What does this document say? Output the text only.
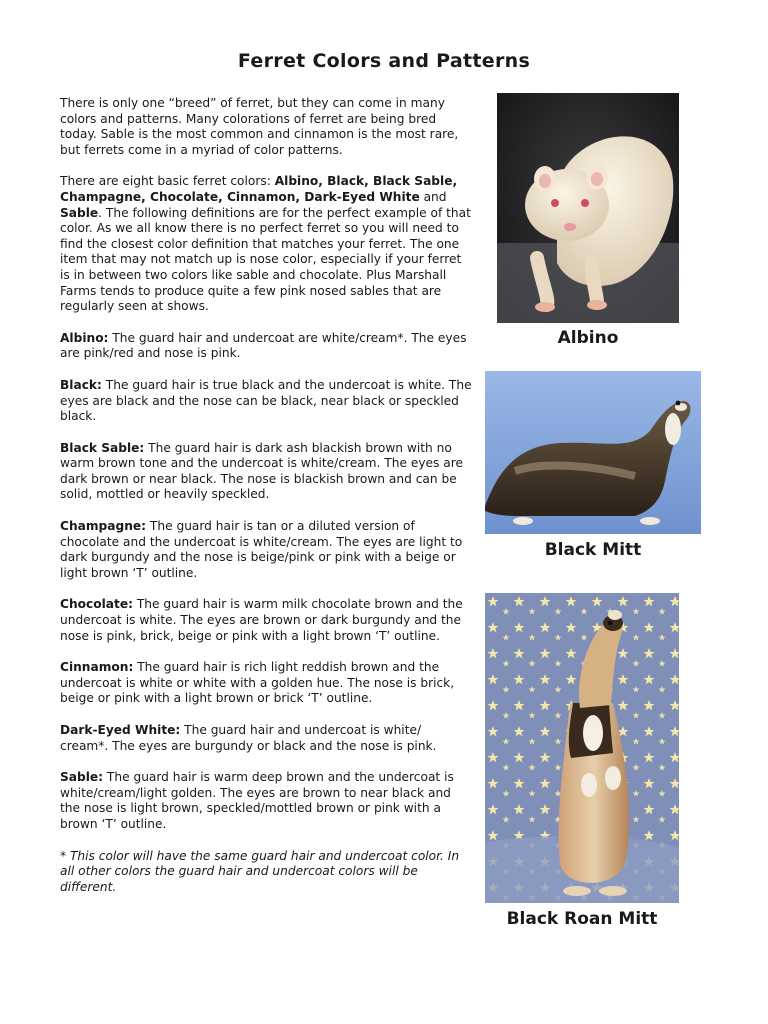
Ferret Colors and Patterns

There is only one “breed” of ferret, but they can come in many colors and patterns. Many colorations of ferret are being bred today. Sable is the most common and cinnamon is the most rare, but ferrets come in a myriad of color patterns.

There are eight basic ferret colors: Albino, Black, Black Sable, Champagne, Chocolate, Cinnamon, Dark-Eyed White and Sable. The following definitions are for the perfect example of that color. As we all know there is no perfect ferret so you will need to find the closest color definition that matches your ferret. The one item that may not match up is nose color, especially if your ferret is in between two colors like sable and chocolate. Plus Marshall Farms tends to produce quite a few pink nosed sables that are regularly seen at shows.

Albino: The guard hair and undercoat are white/cream*. The eyes are pink/red and nose is pink.

Black: The guard hair is true black and the undercoat is white. The eyes are black and the nose can be black, near black or speckled black.

Black Sable: The guard hair is dark ash blackish brown with no warm brown tone and the undercoat is white/cream. The eyes are dark brown or near black. The nose is blackish brown and can be solid, mottled or heavily speckled.

Champagne: The guard hair is tan or a diluted version of chocolate and the undercoat is white/cream. The eyes are light to dark burgundy and the nose is beige/pink or pink with a beige or light brown ‘T’ outline.

Chocolate: The guard hair is warm milk chocolate brown and the undercoat is white. The eyes are brown or dark burgundy and the nose is pink, brick, beige or pink with a light brown ‘T’ outline.

Cinnamon: The guard hair is rich light reddish brown and the undercoat is white or white with a golden hue. The nose is brick, beige or pink with a light brown or brick ‘T’ outline.

Dark-Eyed White: The guard hair and undercoat is white/ cream*. The eyes are burgundy or black and the nose is pink.

Sable: The guard hair is warm deep brown and the undercoat is white/cream/light golden. The eyes are brown to near black and the nose is light brown, speckled/mottled brown or pink with a brown ‘T’ outline.

* This color will have the same guard hair and undercoat color. In all other colors the guard hair and undercoat colors will be different.

Albino
Black Mitt
Black Roan Mitt
